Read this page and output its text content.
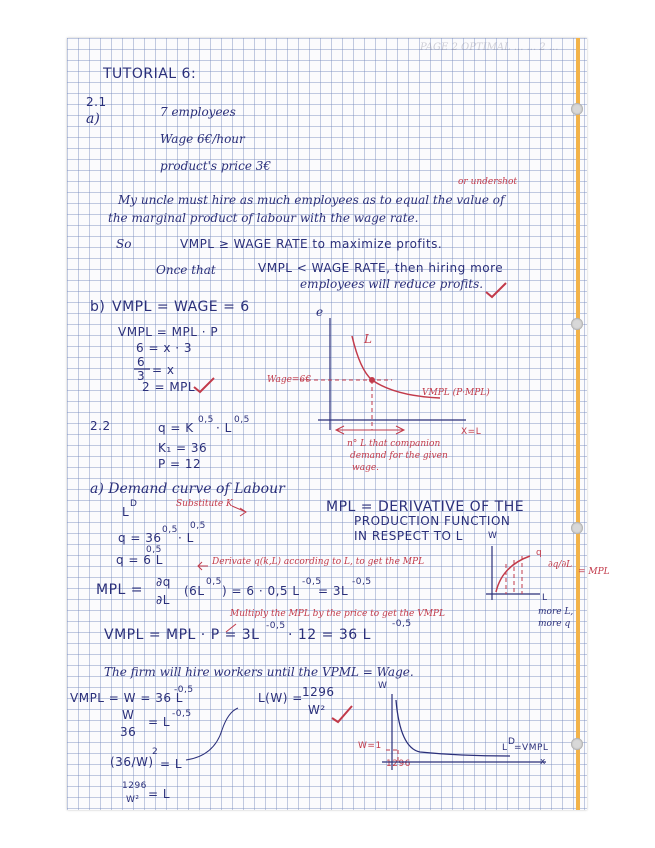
PAGE 2 OPTIMAL ... ... 2 ...
TUTORIAL 6:
2.1
a)	7 employees
Wage 6€/hour
product's price 3€
or undershot
My uncle must hire as much employees as to equal the value of
the marginal product of labour with the wage rate.
So	VMPL ≥ WAGE RATE to maximize profits.
Once that	VMPL < WAGE RATE, then hiring more
employees will reduce profits.
b) VMPL = WAGE = 6
VMPL = MPL · P
6 = x · 3
6
3 = x
2 = MPL
e
L
Wage=6€
VMPL (P·MPL)
X=L
n° L that companion
demand for the given
wage.
2.2	q = K
0,5
· L
0,5
K₁ = 36
P = 12
a) Demand curve of Labour
L
D	Substitute K
q = 36
0,5
· L
0,5
q = 6 L
0,5
Derivate q(k,L) according to L, to get the MPL
MPL = DERIVATIVE OF THE
PRODUCTION FUNCTION
IN RESPECT TO L
MPL = ∂q
∂L
(6L
0,5
) = 6 · 0,5 L
-0,5
= 3L
-0,5
Multiply the MPL by the price to get the VMPL
VMPL = MPL · P = 3L
-0,5
· 12 = 36 L
-0,5
W
q
∂q/∂L
= MPL
L
more L,
more q
The firm will hire workers until the VPML = Wage.
VMPL = W = 36 L
-0,5
W
36
= L
-0,5
(36/W)
2
= L
1296
W² = L
L(W) = 1296
W²
W
W=1
1296
L
D
=VMPL
x
